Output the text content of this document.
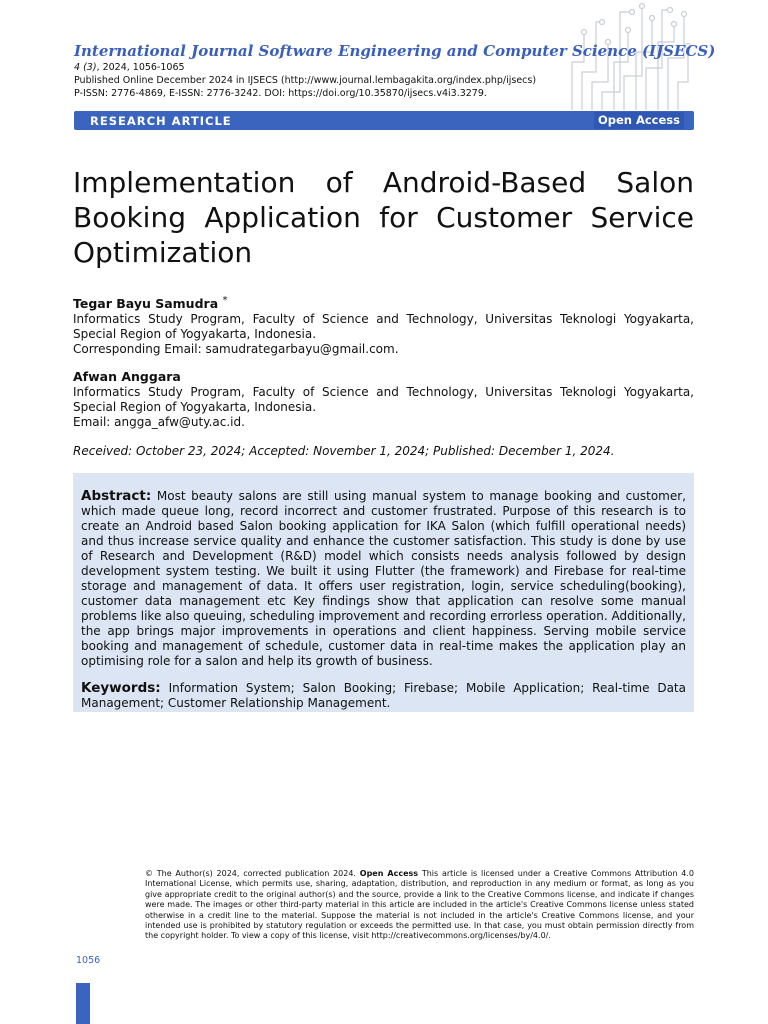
International Journal Software Engineering and Computer Science (IJSECS)
4 (3), 2024, 1056-1065
Published Online December 2024 in IJSECS (http://www.journal.lembagakita.org/index.php/ijsecs)
P-ISSN: 2776-4869, E-ISSN: 2776-3242. DOI: https://doi.org/10.35870/ijsecs.v4i3.3279.
RESEARCH ARTICLE	Open Access
Implementation of Android-Based Salon Booking Application for Customer Service Optimization
Tegar Bayu Samudra *
Informatics Study Program, Faculty of Science and Technology, Universitas Teknologi Yogyakarta, Special Region of Yogyakarta, Indonesia.
Corresponding Email: samudrategarbayu@gmail.com.
Afwan Anggara
Informatics Study Program, Faculty of Science and Technology, Universitas Teknologi Yogyakarta, Special Region of Yogyakarta, Indonesia.
Email: angga_afw@uty.ac.id.
Received: October 23, 2024; Accepted: November 1, 2024; Published: December 1, 2024.

Abstract: Most beauty salons are still using manual system to manage booking and customer, which made queue long, record incorrect and customer frustrated. Purpose of this research is to create an Android based Salon booking application for IKA Salon (which fulfill operational needs) and thus increase service quality and enhance the customer satisfaction. This study is done by use of Research and Development (R&D) model which consists needs analysis followed by design development system testing. We built it using Flutter (the framework) and Firebase for real-time storage and management of data. It offers user registration, login, service scheduling(booking), customer data management etc Key findings show that application can resolve some manual problems like also queuing, scheduling improvement and recording errorless operation. Additionally, the app brings major improvements in operations and client happiness. Serving mobile service booking and management of schedule, customer data in real-time makes the application play an optimising role for a salon and help its growth of business.

Keywords: Information System; Salon Booking; Firebase; Mobile Application; Real-time Data Management; Customer Relationship Management.

© The Author(s) 2024, corrected publication 2024. Open Access This article is licensed under a Creative Commons Attribution 4.0 International License, which permits use, sharing, adaptation, distribution, and reproduction in any medium or format, as long as you give appropriate credit to the original author(s) and the source, provide a link to the Creative Commons license, and indicate if changes were made. The images or other third-party material in this article are included in the article's Creative Commons license unless stated otherwise in a credit line to the material. Suppose the material is not included in the article's Creative Commons license, and your intended use is prohibited by statutory regulation or exceeds the permitted use. In that case, you must obtain permission directly from the copyright holder. To view a copy of this license, visit http://creativecommons.org/licenses/by/4.0/.
1056
